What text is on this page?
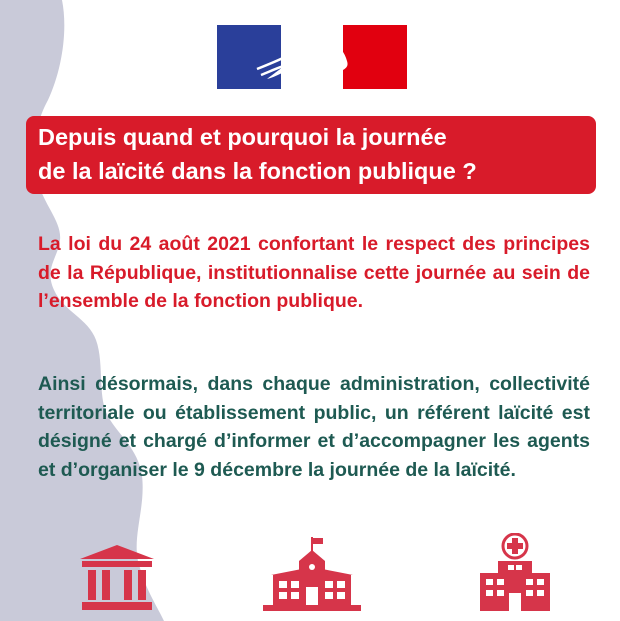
Depuis quand et pourquoi la journée
de la laïcité dans la fonction publique ?
La loi du 24 août 2021 confortant le respect des principes de la République, institutionnalise cette journée au sein de l’ensemble de la fonction publique.
Ainsi désormais, dans chaque administration, collectivité territoriale ou établissement public, un référent laïcité est désigné et chargé d’informer et d’accompagner les agents et d’organiser le 9 décembre la journée de la laïcité.
